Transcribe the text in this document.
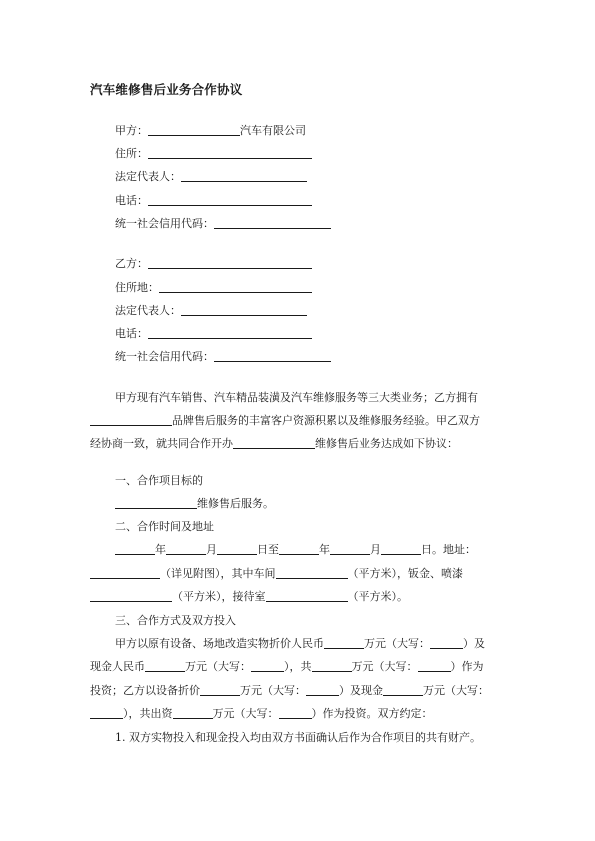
汽车维修售后业务合作协议
甲方：	汽车有限公司
住所：
法定代表人：
电话：
统一社会信用代码：
乙方：
住所地：
法定代表人：
电话：
统一社会信用代码：
甲方现有汽车销售、汽车精品装潢及汽车维修服务等三大类业务；乙方拥有
品牌售后服务的丰富客户资源积累以及维修服务经验。甲乙双方
经协商一致，就共同合作开办	维修售后业务达成如下协议：
一、合作项目标的
维修售后服务。
二、合作时间及地址
年	月	日至	年	月	日。地址：
（详见附图），其中车间	（平方米），钣金、喷漆
（平方米），接待室	（平方米）。
三、合作方式及双方投入
甲方以原有设备、场地改造实物折价人民币	万元（大写：	）及
现金人民币	万元（大写：	），共	万元（大写：	）作为
投资；乙方以设备折价	万元（大写：	）及现金	万元（大写：
），共出资	万元（大写：	）作为投资。双方约定：
1. 双方实物投入和现金投入均由双方书面确认后作为合作项目的共有财产。
